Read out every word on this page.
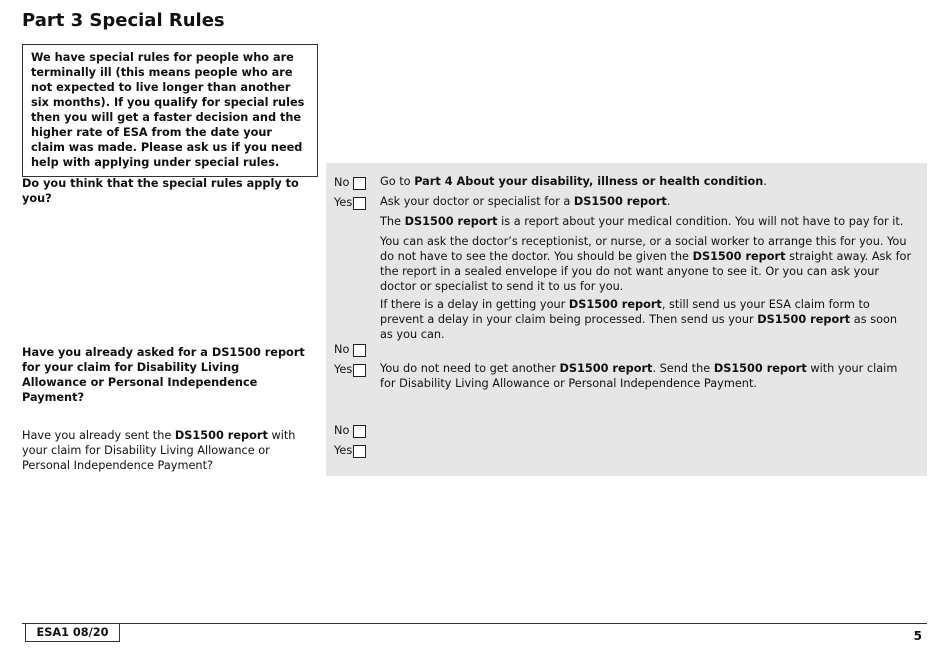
Part 3 Special Rules
We have special rules for people who are terminally ill (this means people who are not expected to live longer than another six months). If you qualify for special rules then you will get a faster decision and the higher rate of ESA from the date your claim was made. Please ask us if you need help with applying under special rules.
Do you think that the special rules apply to you?
No	Go to Part 4 About your disability, illness or health condition.
Yes Ask your doctor or specialist for a DS1500 report.
The DS1500 report is a report about your medical condition. You will not have to pay for it.
You can ask the doctor’s receptionist, or nurse, or a social worker to arrange this for you. You do not have to see the doctor. You should be given the DS1500 report straight away. Ask for the report in a sealed envelope if you do not want anyone to see it. Or you can ask your doctor or specialist to send it to us for you.
If there is a delay in getting your DS1500 report, still send us your ESA claim form to prevent a delay in your claim being processed. Then send us your DS1500 report as soon as you can.
Have you already asked for a DS1500 report for your claim for Disability Living Allowance or Personal Independence Payment?
No
Yes You do not need to get another DS1500 report. Send the DS1500 report with your claim for Disability Living Allowance or Personal Independence Payment.
Have you already sent the DS1500 report with your claim for Disability Living Allowance or Personal Independence Payment?
No
Yes
ESA1 08/20	5
